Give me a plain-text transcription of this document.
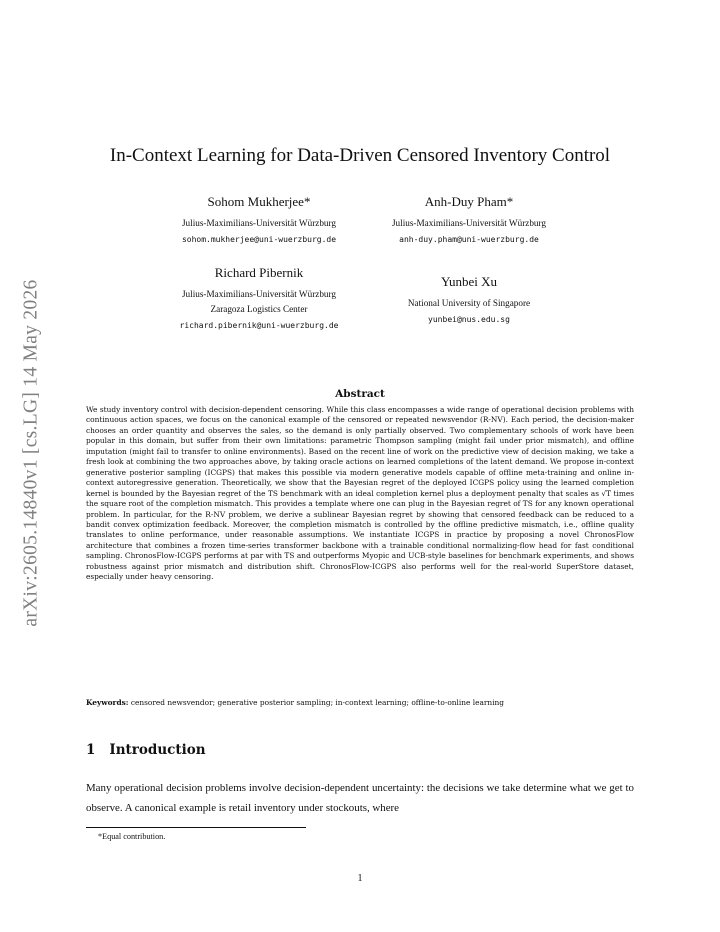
arXiv:2605.14840v1 [cs.LG] 14 May 2026
In-Context Learning for Data-Driven Censored Inventory Control
Sohom Mukherjee*
Julius-Maximilians-Universität Würzburg
sohom.mukherjee@uni-wuerzburg.de
Anh-Duy Pham*
Julius-Maximilians-Universität Würzburg
anh-duy.pham@uni-wuerzburg.de
Richard Pibernik
Julius-Maximilians-Universität Würzburg
Zaragoza Logistics Center
richard.pibernik@uni-wuerzburg.de
Yunbei Xu
National University of Singapore
yunbei@nus.edu.sg
Abstract

We study inventory control with decision-dependent censoring. While this class encompasses a wide range of operational decision problems with continuous action spaces, we focus on the canonical example of the censored or repeated newsvendor (R-NV). Each period, the decision-maker chooses an order quantity and observes the sales, so the demand is only partially observed. Two complementary schools of work have been popular in this domain, but suffer from their own limitations: parametric Thompson sampling (might fail under prior mismatch), and offline imputation (might fail to transfer to online environments). Based on the recent line of work on the predictive view of decision making, we take a fresh look at combining the two approaches above, by taking oracle actions on learned completions of the latent demand. We propose in-context generative posterior sampling (ICGPS) that makes this possible via modern generative models capable of offline meta-training and online in-context autoregressive generation. Theoretically, we show that the Bayesian regret of the deployed ICGPS policy using the learned completion kernel is bounded by the Bayesian regret of the TS benchmark with an ideal completion kernel plus a deployment penalty that scales as √T times the square root of the completion mismatch. This provides a template where one can plug in the Bayesian regret of TS for any known operational problem. In particular, for the R-NV problem, we derive a sublinear Bayesian regret by showing that censored feedback can be reduced to a bandit convex optimization feedback. Moreover, the completion mismatch is controlled by the offline predictive mismatch, i.e., offline quality translates to online performance, under reasonable assumptions. We instantiate ICGPS in practice by proposing a novel ChronosFlow architecture that combines a frozen time-series transformer backbone with a trainable conditional normalizing-flow head for fast conditional sampling. ChronosFlow-ICGPS performs at par with TS and outperforms Myopic and UCB-style baselines for benchmark experiments, and shows robustness against prior mismatch and distribution shift. ChronosFlow-ICGPS also performs well for the real-world SuperStore dataset, especially under heavy censoring.

Keywords: censored newsvendor; generative posterior sampling; in-context learning; offline-to-online learning
1 Introduction

Many operational decision problems involve decision-dependent uncertainty: the decisions we take determine what we get to observe. A canonical example is retail inventory under stockouts, where

*Equal contribution.
1
